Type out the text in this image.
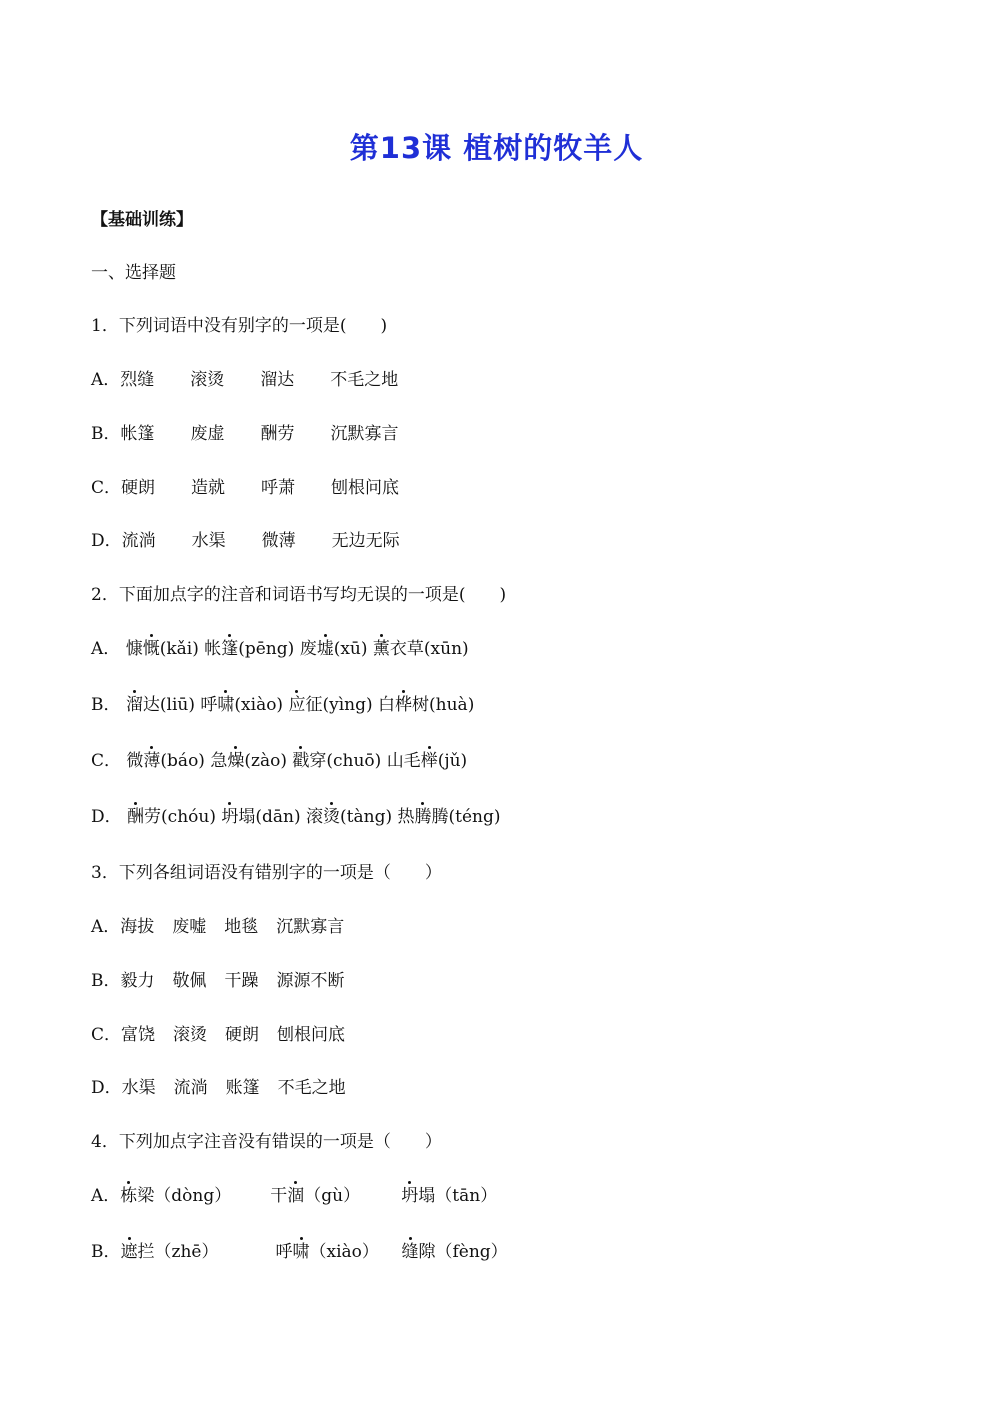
第13课 植树的牧羊人
【基础训练】
一、选择题
1．下列词语中没有别字的一项是(　　)
A．烈缝 滚烫 溜达 不毛之地
B．帐篷 废虚 酬劳 沉默寡言
C．硬朗 造就 呼萧 刨根问底
D．流淌 水渠 微薄 无边无际
2．下面加点字的注音和词语书写均无误的一项是(　　)
A． 慷慨(kǎi) 帐篷(pēng) 废墟(xū) 薰衣草(xūn)
B． 溜达(liū) 呼啸(xiào) 应征(yìng) 白桦树(huà)
C． 微薄(báo) 急燥(zào) 戳穿(chuō) 山毛榉(jǔ)
D． 酬劳(chóu) 坍塌(dān) 滚烫(tàng) 热腾腾(téng)
3．下列各组词语没有错别字的一项是（　　）
A．海拔 废嘘 地毯 沉默寡言
B．毅力 敬佩 干躁 源源不断
C．富饶 滚烫 硬朗 刨根问底
D．水渠 流淌 账篷 不毛之地
4．下列加点字注音没有错误的一项是（　　）
A．栋梁（dòng） 干涸（gù） 坍塌（tān）
B．遮拦（zhē）	呼啸（xiào） 缝隙（fèng）
